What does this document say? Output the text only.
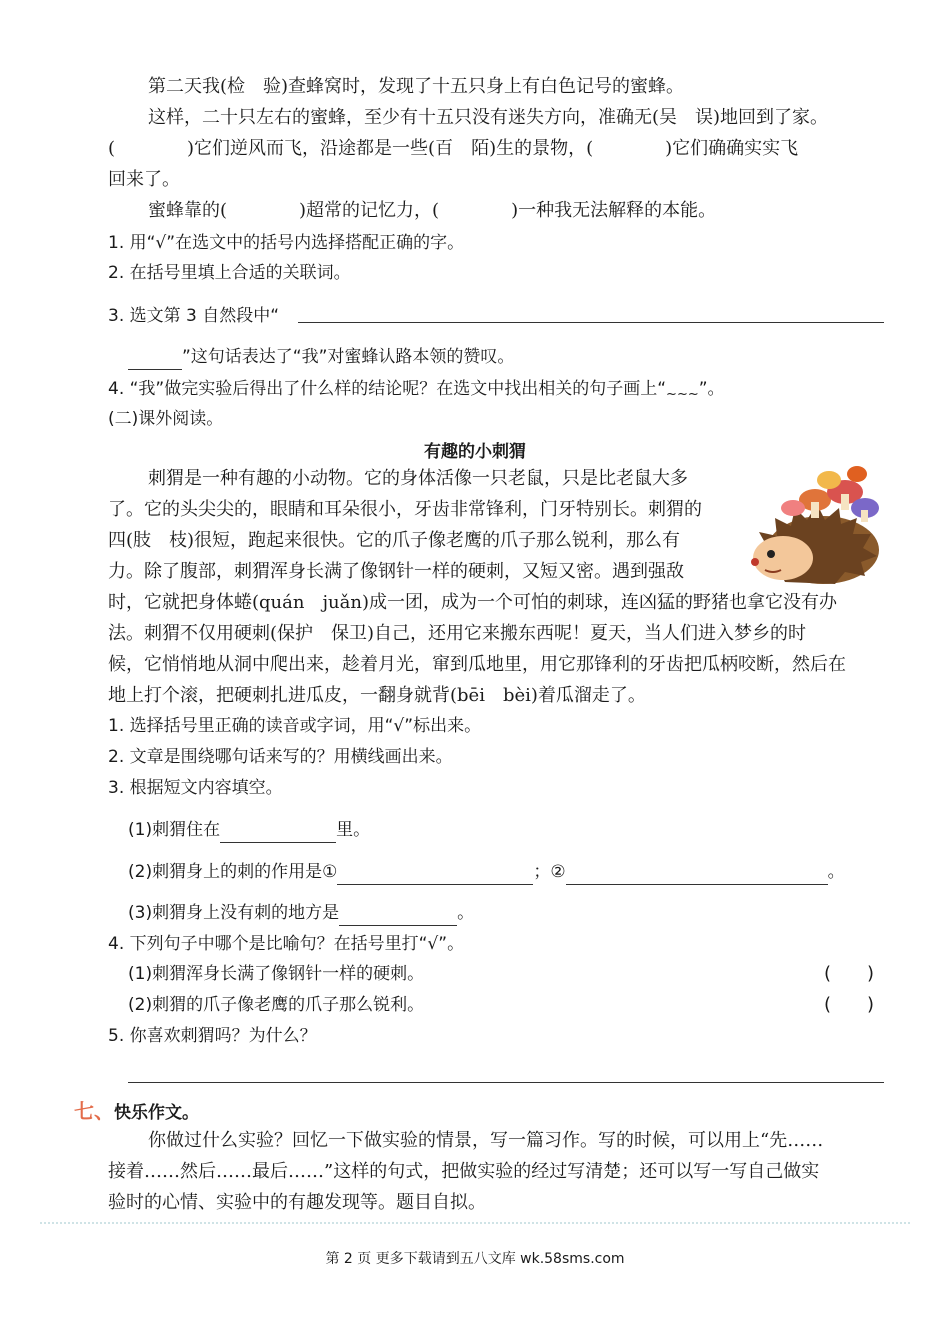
第二天我(检　验)查蜂窝时，发现了十五只身上有白色记号的蜜蜂。
这样，二十只左右的蜜蜂，至少有十五只没有迷失方向，准确无(吴　误)地回到了家。
(　　　　)它们逆风而飞，沿途都是一些(百　陌)生的景物，(　　　　)它们确确实实飞
回来了。
蜜蜂靠的(　　　　)超常的记忆力，(　　　　)一种我无法解释的本能。
1. 用“√”在选文中的括号内选择搭配正确的字。
2. 在括号里填上合适的关联词。
3. 选文第 3 自然段中“
”这句话表达了“我”对蜜蜂认路本领的赞叹。
4. “我”做完实验后得出了什么样的结论呢？在选文中找出相关的句子画上“$_{\sim\sim\sim}$”。
(二)课外阅读。
有趣的小刺猬
刺猬是一种有趣的小动物。它的身体活像一只老鼠，只是比老鼠大多
了。它的头尖尖的，眼睛和耳朵很小，牙齿非常锋利，门牙特别长。刺猬的
四(肢　枝)很短，跑起来很快。它的爪子像老鹰的爪子那么锐利，那么有
力。除了腹部，刺猬浑身长满了像钢针一样的硬刺，又短又密。遇到强敌
时，它就把身体蜷(quán　juǎn)成一团，成为一个可怕的刺球，连凶猛的野猪也拿它没有办
法。刺猬不仅用硬刺(保护　保卫)自己，还用它来搬东西呢！夏天，当人们进入梦乡的时
候，它悄悄地从洞中爬出来，趁着月光，窜到瓜地里，用它那锋利的牙齿把瓜柄咬断，然后在
地上打个滚，把硬刺扎进瓜皮，一翻身就背(bēi　bèi)着瓜溜走了。
1. 选择括号里正确的读音或字词，用“√”标出来。
2. 文章是围绕哪句话来写的？用横线画出来。
3. 根据短文内容填空。
(1)刺猬住在	里。
(2)刺猬身上的刺的作用是①	；②	。
(3)刺猬身上没有刺的地方是	。
4. 下列句子中哪个是比喻句？在括号里打“√”。
(1)刺猬浑身长满了像钢针一样的硬刺。	(　　)
(2)刺猬的爪子像老鹰的爪子那么锐利。	(　　)
5. 你喜欢刺猬吗？为什么？
七、快乐作文。
你做过什么实验？回忆一下做实验的情景，写一篇习作。写的时候，可以用上“先……
接着……然后……最后……”这样的句式，把做实验的经过写清楚；还可以写一写自己做实
验时的心情、实验中的有趣发现等。题目自拟。
第 2 页 更多下载请到五八文库 wk.58sms.com
